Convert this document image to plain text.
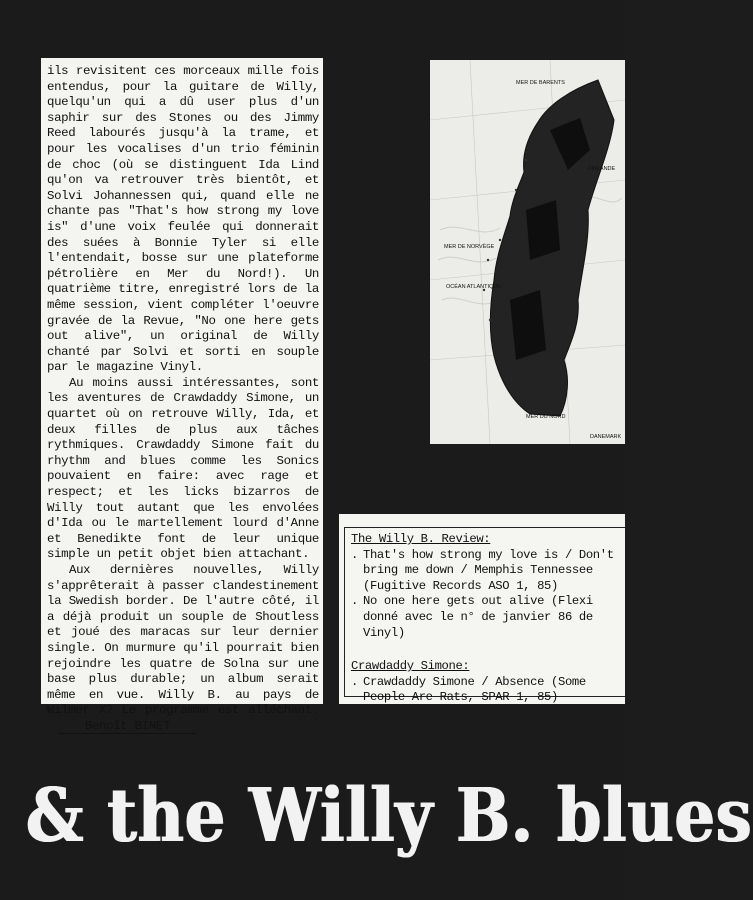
ils revisitent ces morceaux mille fois entendus, pour la guitare de Willy, quelqu'un qui a dû user plus d'un saphir sur des Stones ou des Jimmy Reed labourés jusqu'à la trame, et pour les vocalises d'un trio féminin de choc (où se distinguent Ida Lind qu'on va retrouver très bientôt, et Solvi Johannessen qui, quand elle ne chante pas "That's how strong my love is" d'une voix feulée qui donnerait des suées à Bonnie Tyler si elle l'entendait, bosse sur une plateforme pétrolière en Mer du Nord!). Un quatrième titre, enregistré lors de la même session, vient compléter l'oeuvre gravée de la Revue, "No one here gets out alive", un original de Willy chanté par Solvi et sorti en souple par le magazine Vinyl.

Au moins aussi intéressantes, sont les aventures de Crawdaddy Simone, un quartet où on retrouve Willy, Ida, et deux filles de plus aux tâches rythmiques. Crawdaddy Simone fait du rhythm and blues comme les Sonics pouvaient en faire: avec rage et respect; et les licks bizarros de Willy tout autant que les envolées d'Ida ou le martellement lourd d'Anne et Benedikte font de leur unique simple un petit objet bien attachant.

Aux dernières nouvelles, Willy s'apprêterait à passer clandestinement la Swedish border. De l'autre côté, il a déjà produit un souple de Shoutless et joué des maracas sur leur dernier single. On murmure qu'il pourrait bien rejoindre les quatre de Solna sur une base plus durable; un album serait même en vue. Willy B. au pays de Wilmer X? Le programme est alléchant.Benoît BINET

MER DE BARENTS
FINLANDE
MER DE NORVÈGE
OCÉAN ATLANTIQUE
MER DU NORD
DANEMARK
The Willy B. Review:
. That's how strong my love is / Don't bring me down / Memphis Tennessee (Fugitive Records ASO 1, 85)
. No one here gets out alive (Flexi donné avec le n° de janvier 86 de Vinyl)
Crawdaddy Simone:
. Crawdaddy Simone / Absence (Some People Are Rats, SPAR 1, 85)
& the Willy B. blues
